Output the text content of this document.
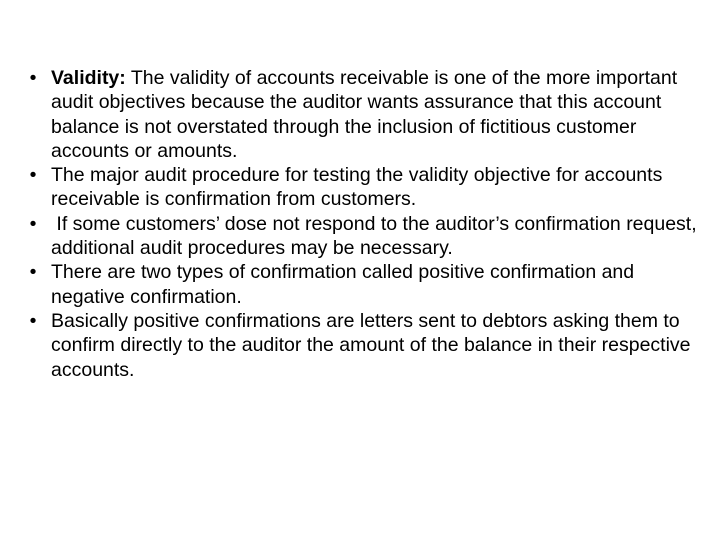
• Validity: The validity of accounts receivable is one of the more important audit objectives because the auditor wants assurance that this account balance is not overstated through the inclusion of fictitious customer accounts or amounts.
• The major audit procedure for testing the validity objective for accounts receivable is confirmation from customers.
• If some customers’ dose not respond to the auditor’s confirmation request, additional audit procedures may be necessary.
• There are two types of confirmation called positive confirmation and negative confirmation.
• Basically positive confirmations are letters sent to debtors asking them to confirm directly to the auditor the amount of the balance in their respective accounts.
